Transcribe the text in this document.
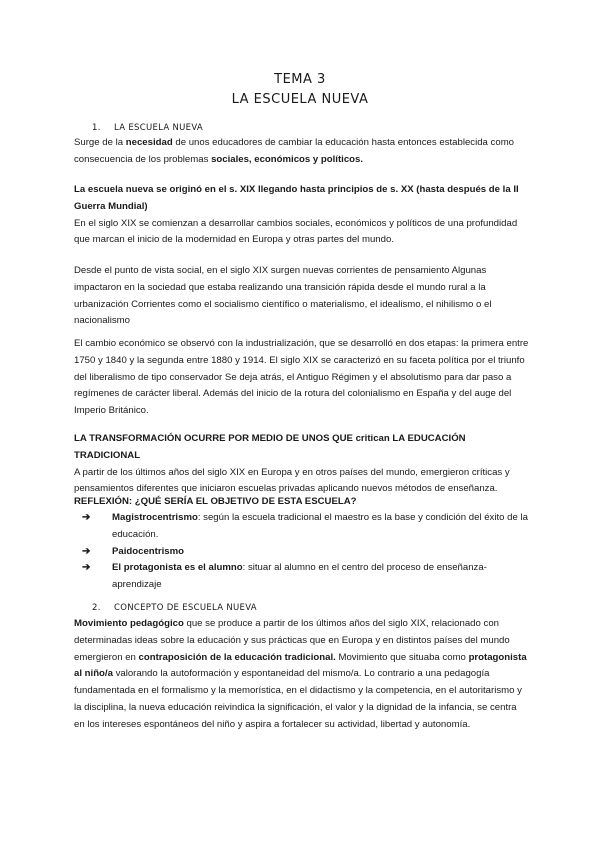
TEMA 3
LA ESCUELA NUEVA
1. LA ESCUELA NUEVA

Surge de la necesidad de unos educadores de cambiar la educación hasta entonces establecida como consecuencia de los problemas sociales, económicos y políticos.

La escuela nueva se originó en el s. XIX llegando hasta principios de s. XX (hasta después de la II Guerra Mundial)
En el siglo XIX se comienzan a desarrollar cambios sociales, económicos y políticos de una profundidad que marcan el inicio de la modernidad en Europa y otras partes del mundo.

Desde el punto de vista social, en el siglo XIX surgen nuevas corrientes de pensamiento Algunas impactaron en la sociedad que estaba realizando una transición rápida desde el mundo rural a la urbanización Corrientes como el socialismo científico o materialismo, el idealismo, el nihilismo o el nacionalismo

El cambio económico se observó con la industrialización, que se desarrolló en dos etapas: la primera entre 1750 y 1840 y la segunda entre 1880 y 1914. El siglo XIX se caracterizó en su faceta política por el triunfo del liberalismo de tipo conservador Se deja atrás, el Antiguo Régimen y el absolutismo para dar paso a regímenes de carácter liberal. Además del inicio de la rotura del colonialismo en España y del auge del Imperio Británico.

LA TRANSFORMACIÓN OCURRE POR MEDIO DE UNOS QUE critican LA EDUCACIÓN TRADICIONAL
A partir de los últimos años del siglo XIX en Europa y en otros países del mundo, emergieron críticas y pensamientos diferentes que iniciaron escuelas privadas aplicando nuevos métodos de enseñanza.

REFLEXIÓN: ¿QUÉ SERÍA EL OBJETIVO DE ESTA ESCUELA?

➔ Magistrocentrismo: según la escuela tradicional el maestro es la base y condición del éxito de la educación.
➔ Paidocentrismo
➔ El protagonista es el alumno: situar al alumno en el centro del proceso de enseñanza-aprendizaje
2. CONCEPTO DE ESCUELA NUEVA

Movimiento pedagógico que se produce a partir de los últimos años del siglo XIX, relacionado con determinadas ideas sobre la educación y sus prácticas que en Europa y en distintos países del mundo emergieron en contraposición de la educación tradicional. Movimiento que situaba como protagonista al niño/a valorando la autoformación y espontaneidad del mismo/a. Lo contrario a una pedagogía fundamentada en el formalismo y la memorística, en el didactismo y la competencia, en el autoritarismo y la disciplina, la nueva educación reivindica la significación, el valor y la dignidad de la infancia, se centra en los intereses espontáneos del niño y aspira a fortalecer su actividad, libertad y autonomía.
